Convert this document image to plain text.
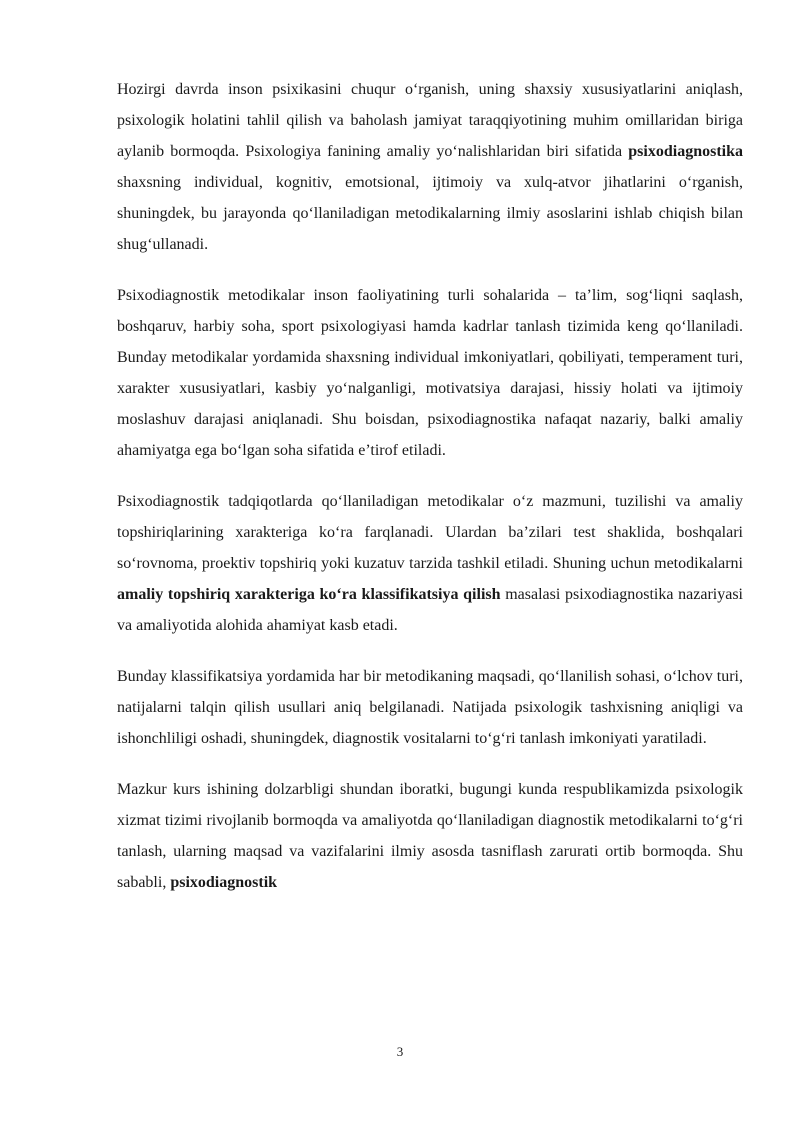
Hozirgi davrda inson psixikasini chuqur o‘rganish, uning shaxsiy xususiyatlarini aniqlash, psixologik holatini tahlil qilish va baholash jamiyat taraqqiyotining muhim omillaridan biriga aylanib bormoqda. Psixologiya fanining amaliy yo‘nalishlaridan biri sifatida psixodiagnostika shaxsning individual, kognitiv, emotsional, ijtimoiy va xulq-atvor jihatlarini o‘rganish, shuningdek, bu jarayonda qo‘llaniladigan metodikalarning ilmiy asoslarini ishlab chiqish bilan shug‘ullanadi.

Psixodiagnostik metodikalar inson faoliyatining turli sohalarida – ta’lim, sog‘liqni saqlash, boshqaruv, harbiy soha, sport psixologiyasi hamda kadrlar tanlash tizimida keng qo‘llaniladi. Bunday metodikalar yordamida shaxsning individual imkoniyatlari, qobiliyati, temperament turi, xarakter xususiyatlari, kasbiy yo‘nalganligi, motivatsiya darajasi, hissiy holati va ijtimoiy moslashuv darajasi aniqlanadi. Shu boisdan, psixodiagnostika nafaqat nazariy, balki amaliy ahamiyatga ega bo‘lgan soha sifatida e’tirof etiladi.

Psixodiagnostik tadqiqotlarda qo‘llaniladigan metodikalar o‘z mazmuni, tuzilishi va amaliy topshiriqlarining xarakteriga ko‘ra farqlanadi. Ulardan ba’zilari test shaklida, boshqalari so‘rovnoma, proektiv topshiriq yoki kuzatuv tarzida tashkil etiladi. Shuning uchun metodikalarni amaliy topshiriq xarakteriga ko‘ra klassifikatsiya qilish masalasi psixodiagnostika nazariyasi va amaliyotida alohida ahamiyat kasb etadi.

Bunday klassifikatsiya yordamida har bir metodikaning maqsadi, qo‘llanilish sohasi, o‘lchov turi, natijalarni talqin qilish usullari aniq belgilanadi. Natijada psixologik tashxisning aniqligi va ishonchliligi oshadi, shuningdek, diagnostik vositalarni to‘g‘ri tanlash imkoniyati yaratiladi.

Mazkur kurs ishining dolzarbligi shundan iboratki, bugungi kunda respublikamizda psixologik xizmat tizimi rivojlanib bormoqda va amaliyotda qo‘llaniladigan diagnostik metodikalarni to‘g‘ri tanlash, ularning maqsad va vazifalarini ilmiy asosda tasniflash zarurati ortib bormoqda. Shu sababli, psixodiagnostik

3
